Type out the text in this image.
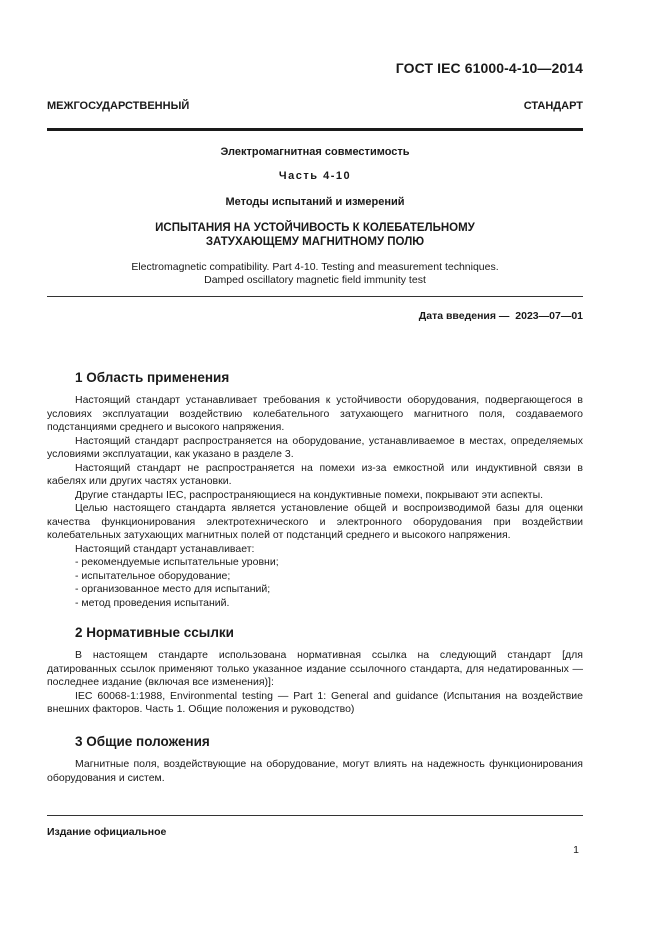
ГОСТ IEC 61000-4-10—2014
МЕЖГОСУДАРСТВЕННЫЙ СТАНДАРТ
Электромагнитная совместимость
Часть 4-10
Методы испытаний и измерений
ИСПЫТАНИЯ НА УСТОЙЧИВОСТЬ К КОЛЕБАТЕЛЬНОМУ
ЗАТУХАЮЩЕМУ МАГНИТНОМУ ПОЛЮ
Electromagnetic compatibility. Part 4-10. Testing and measurement techniques.
Damped oscillatory magnetic field immunity test
Дата введения — 2023—07—01
1 Область применения

Настоящий стандарт устанавливает требования к устойчивости оборудования, подвергающегося в условиях эксплуатации воздействию колебательного затухающего магнитного поля, создаваемого подстанциями среднего и высокого напряжения.

Настоящий стандарт распространяется на оборудование, устанавливаемое в местах, определяемых условиями эксплуатации, как указано в разделе 3.

Настоящий стандарт не распространяется на помехи из-за емкостной или индуктивной связи в кабелях или других частях установки.

Другие стандарты IEC, распространяющиеся на кондуктивные помехи, покрывают эти аспекты.

Целью настоящего стандарта является установление общей и воспроизводимой базы для оценки качества функционирования электротехнического и электронного оборудования при воздействии колебательных затухающих магнитных полей от подстанций среднего и высокого напряжения.

Настоящий стандарт устанавливает:

- рекомендуемые испытательные уровни;
- испытательное оборудование;
- организованное место для испытаний;
- метод проведения испытаний.
2 Нормативные ссылки

В настоящем стандарте использована нормативная ссылка на следующий стандарт [для датированных ссылок применяют только указанное издание ссылочного стандарта, для недатированных — последнее издание (включая все изменения)]:

IEC 60068-1:1988, Environmental testing — Part 1: General and guidance (Испытания на воздействие внешних факторов. Часть 1. Общие положения и руководство)

3 Общие положения

Магнитные поля, воздействующие на оборудование, могут влиять на надежность функционирования оборудования и систем.

Издание официальное
1
